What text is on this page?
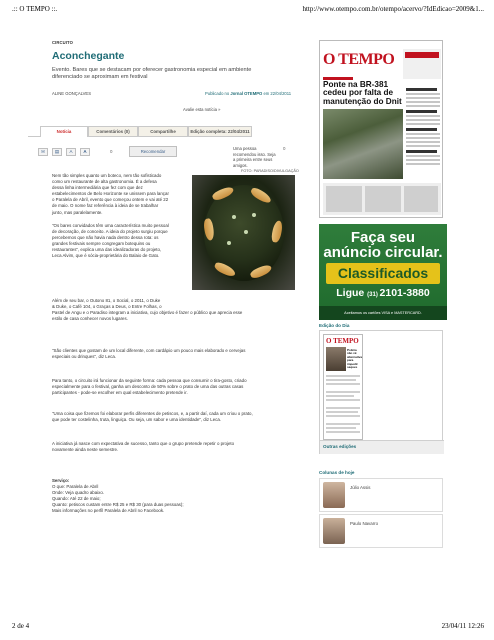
.:: O TEMPO ::.	http://www.otempo.com.br/otempo/acervo/?IdEdicao=2009&1...
CIRCUITO
Aconchegante
Evento. Bares que se destacam por oferecer gastronomia especial em ambiente diferenciado se aproximam em festival
ALINE GONÇALVES	Publicado no Jornal OTEMPO em 22/04/2011
Avalie esta notícia »
Notícia	Comentários (0)	Compartilhe	Edição completa: 22/04/2011
✉	▤	A	A	0	Recomendar
Uma pessoa
recomendou isso. Seja
a primeira entre seus
amigos.
0
FOTO: PARADISO/DIVULGAÇÃO
Nem tão simples quanto um boteco, nem tão sofisticado
como um restaurante de alta gastronomia. É a defesa
dessa linha intermediária que fez com que dez
estabelecimentos de Belo Horizonte se unissem para lançar
o Paralela de Abril, evento que começou ontem e vai até 22
de maio. O nome faz referência à ideia de se trabalhar
junto, mas paralelamente.
"Os bares convidados têm uma característica muito pessoal
de decoração, de conceito. A ideia do projeto surgiu porque
percebemos que não havia nada dentro dessa rota: os
grandes festivais sempre congregam botequins ou
restaurantes", explica uma das idealizadoras do projeto,
Leca Alvim, que é sócia-proprietária do Balaio de Gato.
Além de seu bar, o Outono 81, o Social, o 2011, o Duke
& Duke, o Café 104, o Graças a Deus, o Entre Folhas, o
Pastel de Angu e o Paradiso integram a iniciativa, cujo objetivo é fazer o público que aprecia esse
estilo de casa conhecer novos lugares.
"São clientes que gostam de um local diferente, com cardápio um pouco mais elaborado e cervejas
especiais ou drinques", diz Leca.
Para tanto, o circuito irá funcionar da seguinte forma: cada pessoa que consumir o tira-gosto, criado
especialmente para o festival, ganha um desconto de 50% sobre o prato de uma das outras casas
participantes - pode-se escolher em qual estabelecimento pretende ir.
"Uma coisa que fizemos foi elaborar perfis diferentes de petiscos, e, a partir daí, cada um criou o prato,
que pode ter costelinha, truta, linguiça. Ou seja, um sabor e uma identidade", diz Leca.
A iniciativa já nasce com expectativa de sucesso, tanto que o grupo pretende repetir o projeto
novamente ainda neste semestre.
Serviço:
O que: Paralela de Abril
Onde: Veja quadro abaixo.
Quando: Até 22 de maio;
Quanto: petiscos custam entre R$ 25 e R$ 30 (para duas pessoas);
Mais informações no perfil Paralela de Abril no Facebook.
O TEMPO
Ponte na BR-381 cedeu por falta de manutenção do Dnit
Faça seu
anúncio circular.
Classificados
Ligue (31) 2101-3880
Aceitamos os cartões VISA e MASTERCARD.
Edição do Dia
O TEMPO
Polícia não vê alternativa para impedir saques
Outras edições
Colunas de hoje
Júlio Assis
Paulo Navarro
2 de 4	23/04/11 12:26
